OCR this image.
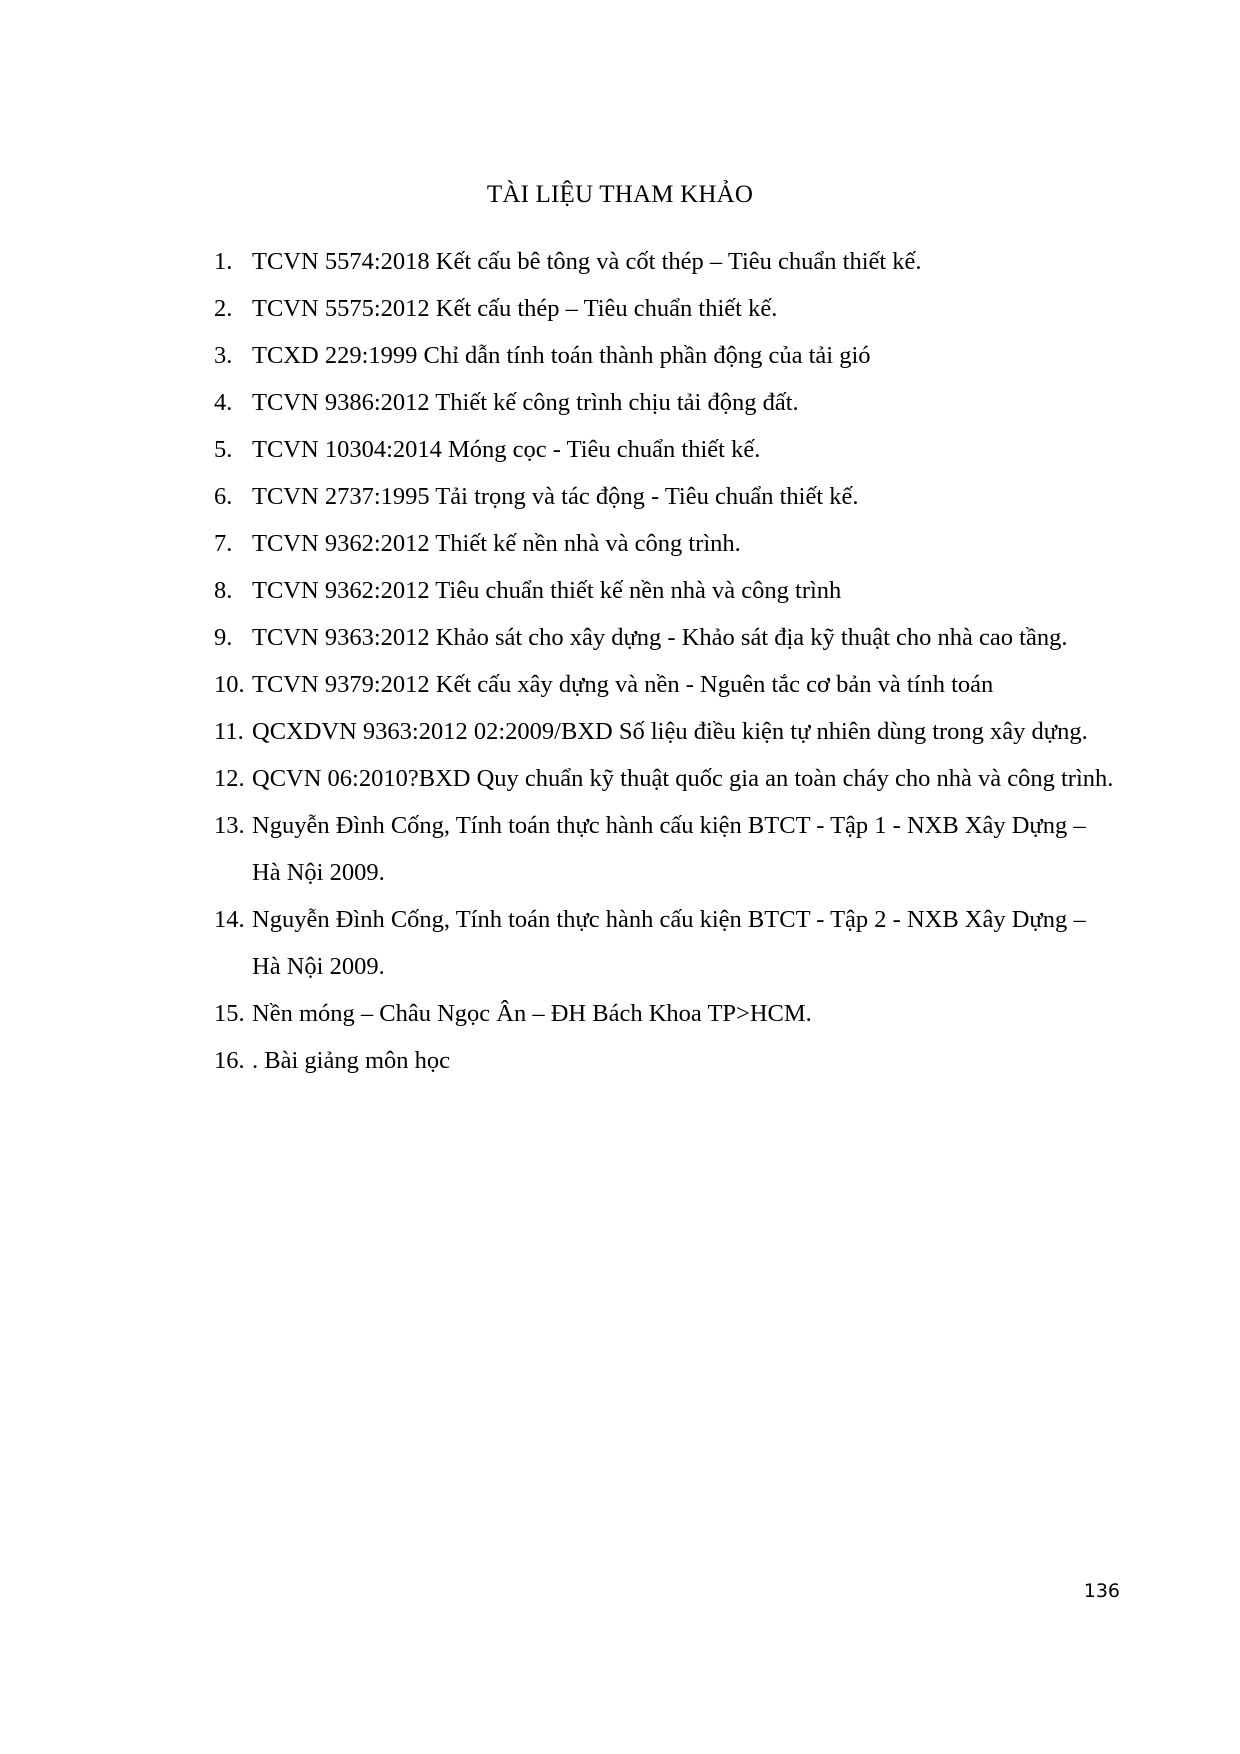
TÀI LIỆU THAM KHẢO
1. TCVN 5574:2018 Kết cấu bê tông và cốt thép – Tiêu chuẩn thiết kế.
2. TCVN 5575:2012 Kết cấu thép – Tiêu chuẩn thiết kế.
3. TCXD 229:1999 Chỉ dẫn tính toán thành phần động của tải gió
4. TCVN 9386:2012 Thiết kế công trình chịu tải động đất.
5. TCVN 10304:2014 Móng cọc - Tiêu chuẩn thiết kế.
6. TCVN 2737:1995 Tải trọng và tác động - Tiêu chuẩn thiết kế.
7. TCVN 9362:2012 Thiết kế nền nhà và công trình.
8. TCVN 9362:2012 Tiêu chuẩn thiết kế nền nhà và công trình
9. TCVN 9363:2012 Khảo sát cho xây dựng - Khảo sát địa kỹ thuật cho nhà cao tầng.
10. TCVN 9379:2012 Kết cấu xây dựng và nền - Nguên tắc cơ bản và tính toán
11. QCXDVN 9363:2012 02:2009/BXD Số liệu điều kiện tự nhiên dùng trong xây dựng.
12. QCVN 06:2010?BXD Quy chuẩn kỹ thuật quốc gia an toàn cháy cho nhà và công trình.
13. Nguyễn Đình Cống, Tính toán thực hành cấu kiện BTCT - Tập 1 - NXB Xây Dựng – Hà Nội 2009.
14. Nguyễn Đình Cống, Tính toán thực hành cấu kiện BTCT - Tập 2 - NXB Xây Dựng – Hà Nội 2009.
15. Nền móng – Châu Ngọc Ân – ĐH Bách Khoa TP>HCM.
16. . Bài giảng môn học
136
